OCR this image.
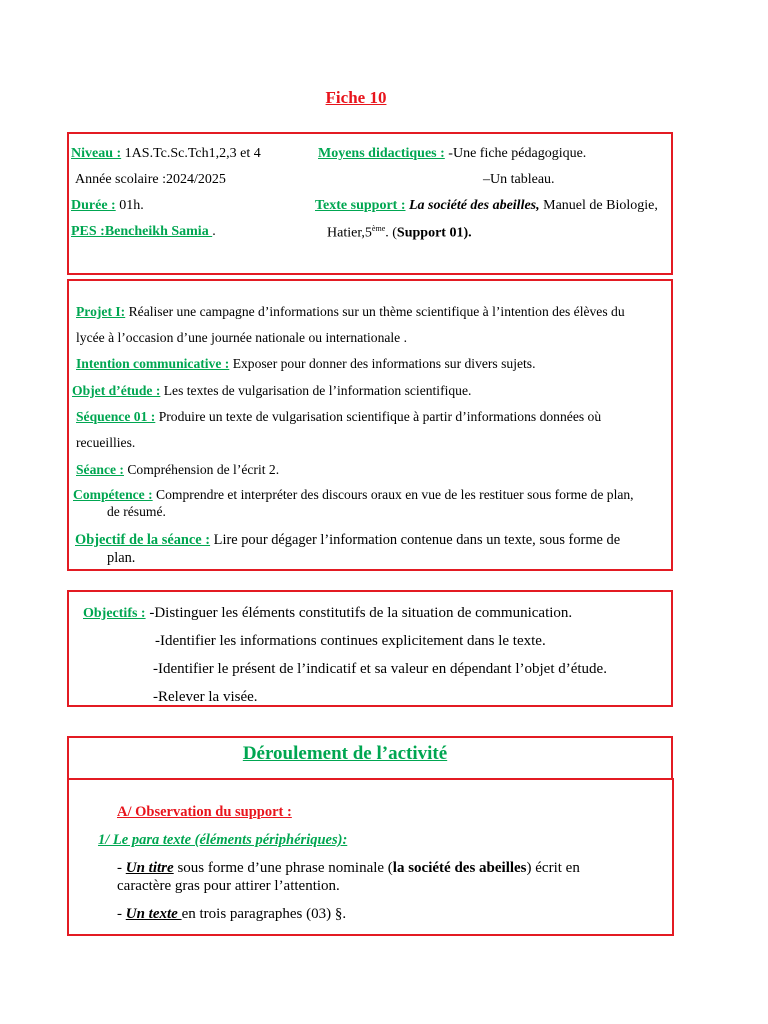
Fiche 10
Niveau : 1AS.Tc.Sc.Tch1,2,3 et 4
Année scolaire :2024/2025
Durée : 01h.
PES :Bencheikh Samia .
Moyens didactiques : -Une fiche pédagogique.
–Un tableau.
Texte support : La société des abeilles, Manuel de Biologie,
Hatier,5ème. (Support 01).
Projet I: Réaliser une campagne d’informations sur un thème scientifique à l’intention des élèves du
lycée à l’occasion d’une journée nationale ou internationale .
Intention communicative : Exposer pour donner des informations sur divers sujets.
Objet d’étude : Les textes de vulgarisation de l’information scientifique.
Séquence 01 : Produire un texte de vulgarisation scientifique à partir d’informations données où
recueillies.
Séance : Compréhension de l’écrit 2.
Compétence : Comprendre et interpréter des discours oraux en vue de les restituer sous forme de plan,
de résumé.
Objectif de la séance : Lire pour dégager l’information contenue dans un texte, sous forme de
plan.
Objectifs : -Distinguer les éléments constitutifs de la situation de communication.
-Identifier les informations continues explicitement dans le texte.
-Identifier le présent de l’indicatif et sa valeur en dépendant l’objet d’étude.
-Relever la visée.
Déroulement de l’activité
A/ Observation du support :
1/ Le para texte (éléments périphériques):
- Un titre sous forme d’une phrase nominale (la société des abeilles) écrit en
caractère gras pour attirer l’attention.
- Un texte en trois paragraphes (03) §.
